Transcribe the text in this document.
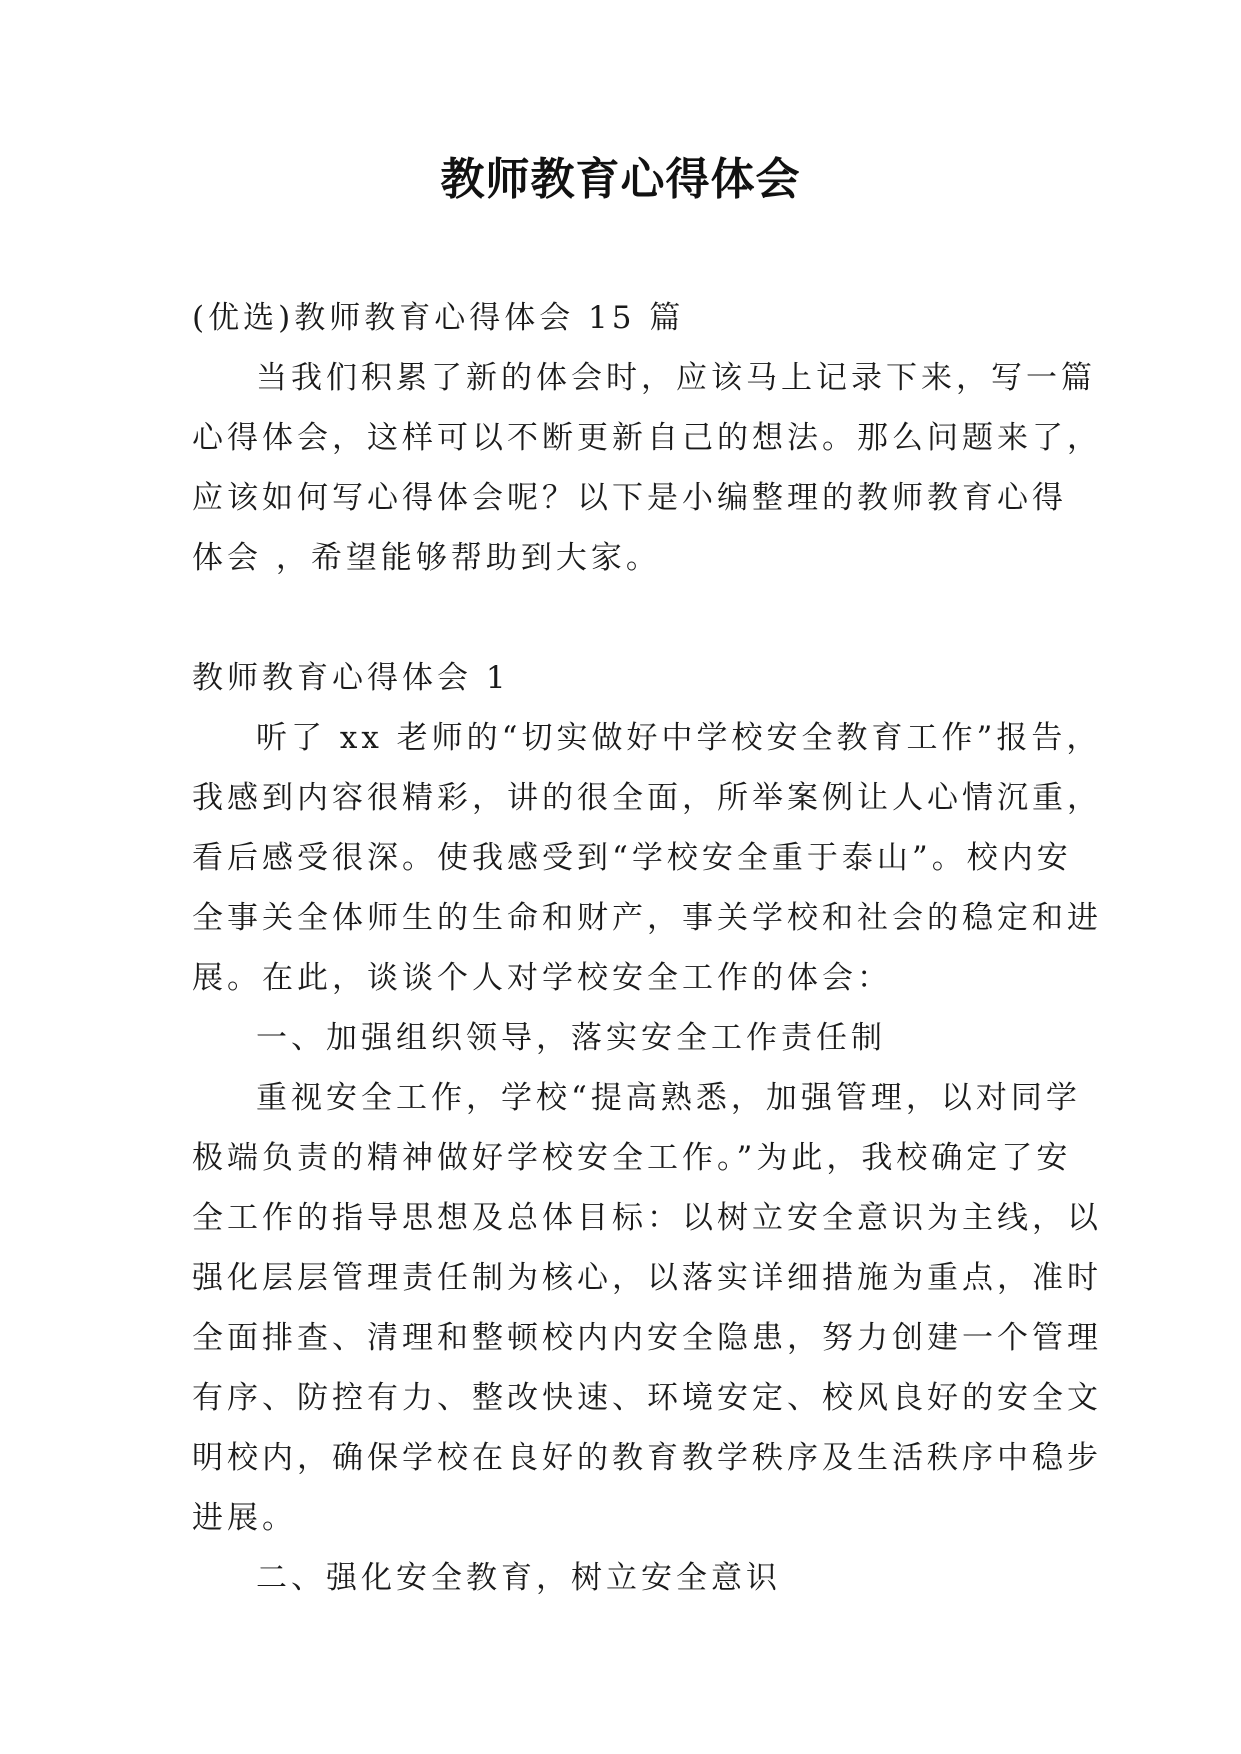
教师教育心得体会
(优选)教师教育心得体会 15 篇
当我们积累了新的体会时，应该马上记录下来，写一篇
心得体会，这样可以不断更新自己的想法。那么问题来了，
应该如何写心得体会呢？以下是小编整理的教师教育心得
体会 ，希望能够帮助到大家。
教师教育心得体会 1
听了 xx 老师的“切实做好中学校安全教育工作”报告，
我感到内容很精彩，讲的很全面，所举案例让人心情沉重，
看后感受很深。使我感受到“学校安全重于泰山”。校内安
全事关全体师生的生命和财产，事关学校和社会的稳定和进
展。在此，谈谈个人对学校安全工作的体会：
一、加强组织领导，落实安全工作责任制
重视安全工作，学校“提高熟悉，加强管理，以对同学
极端负责的精神做好学校安全工作。”为此，我校确定了安
全工作的指导思想及总体目标：以树立安全意识为主线，以
强化层层管理责任制为核心，以落实详细措施为重点，准时
全面排查、清理和整顿校内内安全隐患，努力创建一个管理
有序、防控有力、整改快速、环境安定、校风良好的安全文
明校内，确保学校在良好的教育教学秩序及生活秩序中稳步
进展。
二、强化安全教育，树立安全意识
